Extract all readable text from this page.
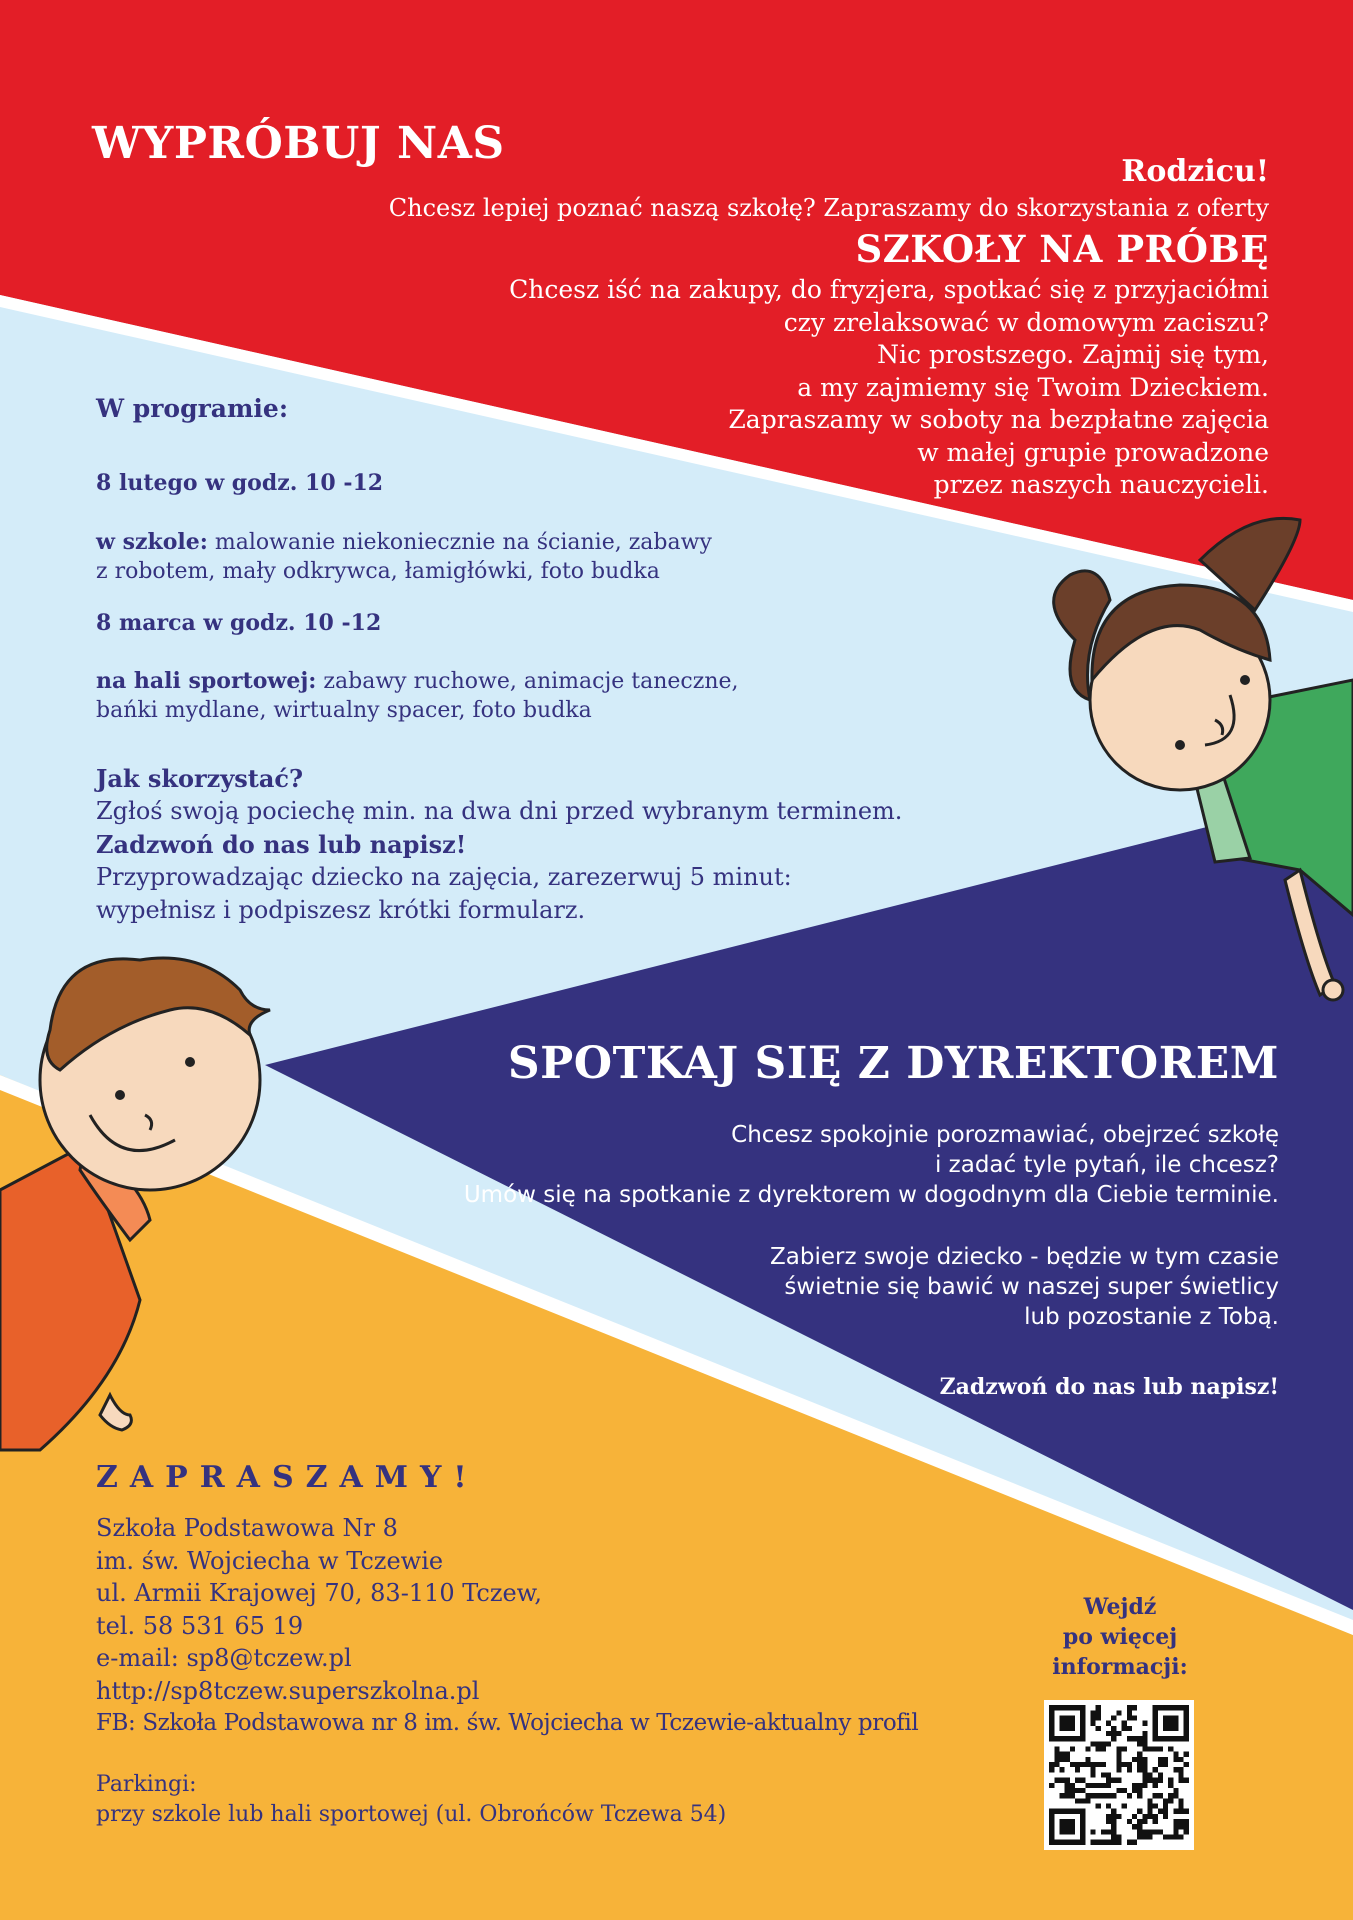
WYPRÓBUJ NAS
Rodzicu!
Chcesz lepiej poznać naszą szkołę? Zapraszamy do skorzystania z oferty
SZKOŁY NA PRÓBĘ
Chcesz iść na zakupy, do fryzjera, spotkać się z przyjaciółmi
czy zrelaksować w domowym zaciszu?
Nic prostszego. Zajmij się tym,
a my zajmiemy się Twoim Dzieckiem.
Zapraszamy w soboty na bezpłatne zajęcia
w małej grupie prowadzone
przez naszych nauczycieli.
W programie:
8 lutego w godz. 10 -12
w szkole: malowanie niekoniecznie na ścianie, zabawy
z robotem, mały odkrywca, łamigłówki, foto budka
8 marca w godz. 10 -12
na hali sportowej: zabawy ruchowe, animacje taneczne,
bańki mydlane, wirtualny spacer, foto budka
Jak skorzystać?
Zgłoś swoją pociechę min. na dwa dni przed wybranym terminem.
Zadzwoń do nas lub napisz!
Przyprowadzając dziecko na zajęcia, zarezerwuj 5 minut:
wypełnisz i podpiszesz krótki formularz.
SPOTKAJ SIĘ Z DYREKTOREM
Chcesz spokojnie porozmawiać, obejrzeć szkołę
i zadać tyle pytań, ile chcesz?
Umów się na spotkanie z dyrektorem w dogodnym dla Ciebie terminie.
Zabierz swoje dziecko - będzie w tym czasie
świetnie się bawić w naszej super świetlicy
lub pozostanie z Tobą.
Zadzwoń do nas lub napisz!
ZAPRASZAMY!
Szkoła Podstawowa Nr 8
im. św. Wojciecha w Tczewie
ul. Armii Krajowej 70, 83-110 Tczew,
tel. 58 531 65 19
e-mail: sp8@tczew.pl
http://sp8tczew.superszkolna.pl
FB: Szkoła Podstawowa nr 8 im. św. Wojciecha w Tczewie-aktualny profil
Parkingi:
przy szkole lub hali sportowej (ul. Obrońców Tczewa 54)
Wejdź
po więcej
informacji:
